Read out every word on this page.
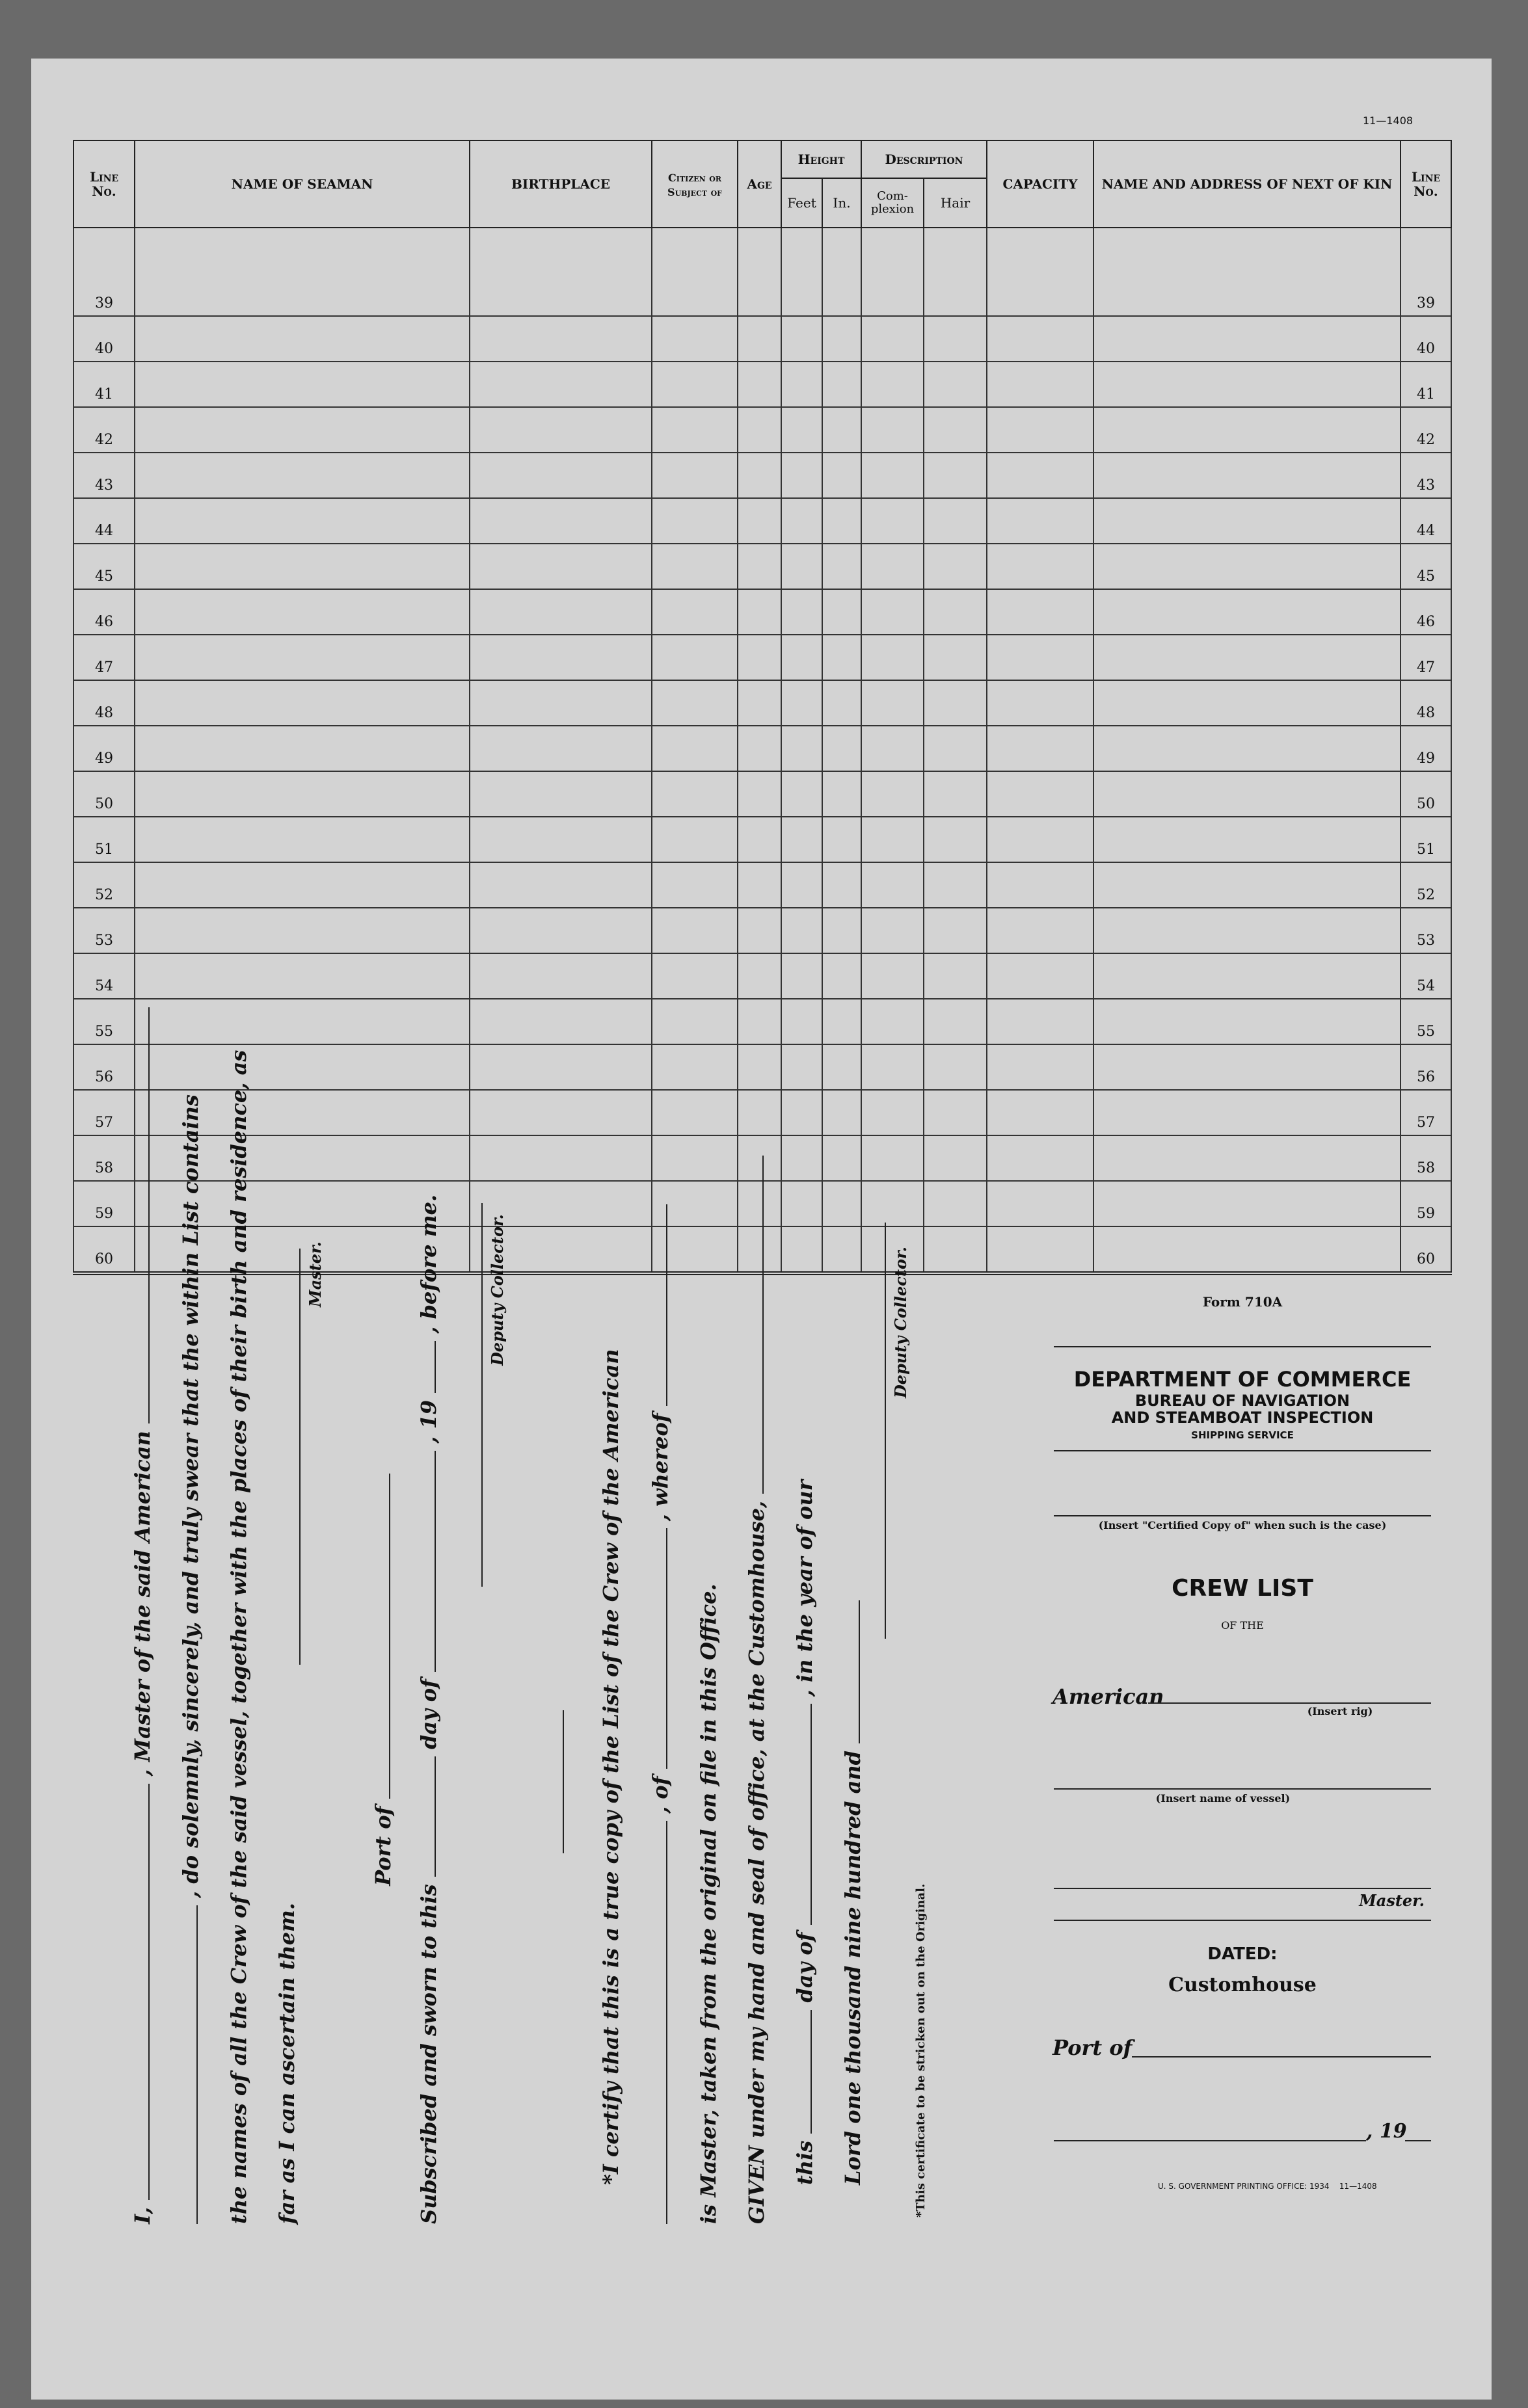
11—1408
Line No.	NAME OF SEAMAN	BIRTHPLACE	Citizen or Subject of	Age	Height		Description		CAPACITY	NAME AND ADDRESS OF NEXT OF KIN	Line No.
					Feet	In.	Com-plexion	Hair			
39											39
40											40
41											41
42											42
43											43
44											44
45											45
46											46
47											47
48											48
49											49
50											50
51											51
52											52
53											53
54											54
55											55
56											56
57											57
58											58
59											59
60											60
I,  , Master of the said American , do solemnly, sincerely, and truly swear that the within List contains the names of all the Crew of the said vessel, together with the places of their birth and residence, as far as I can ascertain them.
Master.
Port of
Subscribed and sworn to this  day of  , 19  , before me.	Deputy Collector.
*I certify that this is a true copy of the List of the Crew of the American , of  , whereof
is Master, taken from the original on file in this Office. GIVEN under my hand and seal of office, at the Customhouse, this  day of  , in the year of our
Lord one thousand nine hundred and
Deputy Collector.
*This certificate to be stricken out on the Original.
Form 710A
DEPARTMENT OF COMMERCE
BUREAU OF NAVIGATION
AND STEAMBOAT INSPECTION
SHIPPING SERVICE
(Insert "Certified Copy of" when such is the case)
CREW LIST
OF THE
American
(Insert rig)
(Insert name of vessel)
Master.
DATED:
Customhouse
Port of
, 19
U. S. GOVERNMENT PRINTING OFFICE: 1934 11—1408
